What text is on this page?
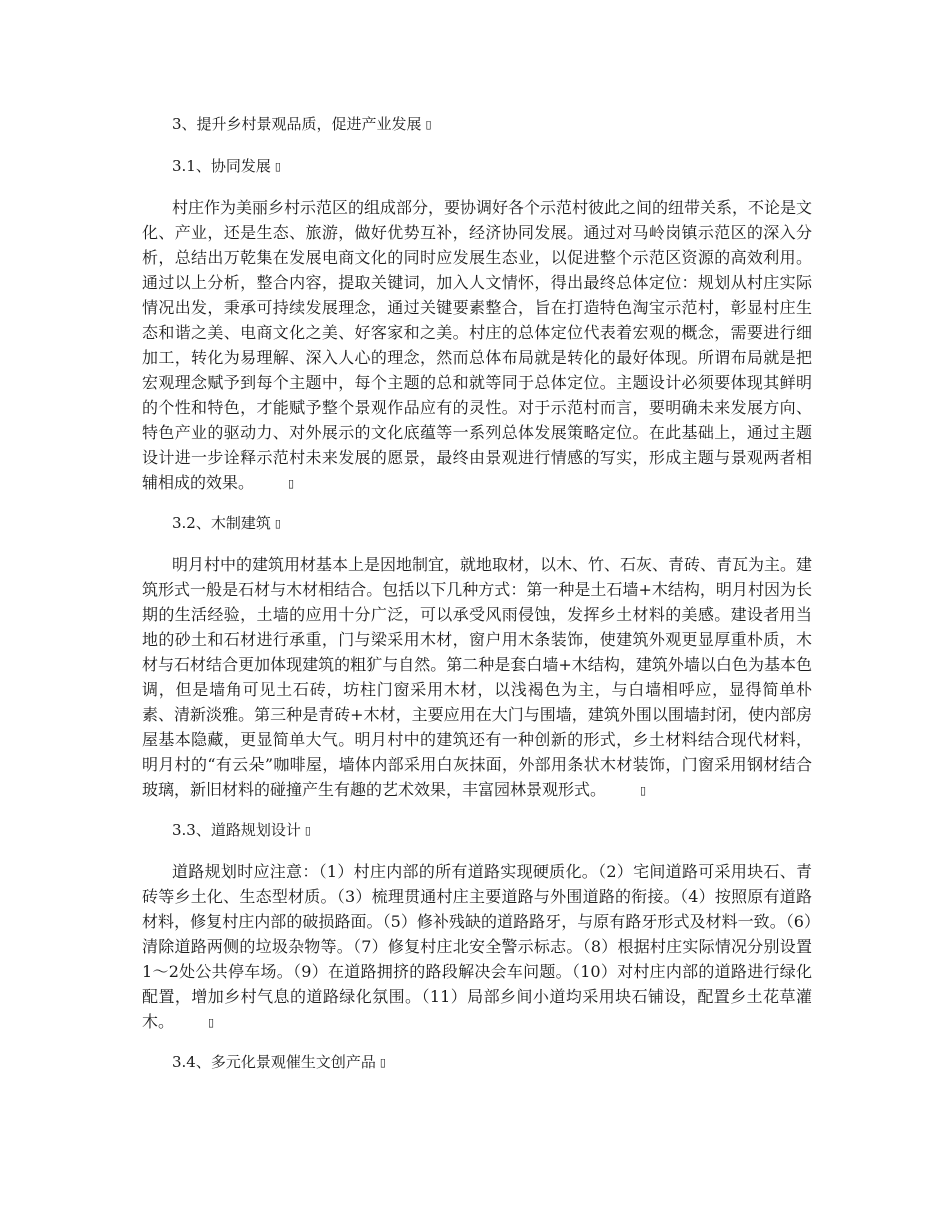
3、提升乡村景观品质，促进产业发展 ▯

3.1、协同发展 ▯

村庄作为美丽乡村示范区的组成部分，要协调好各个示范村彼此之间的纽带关系，不论是文化、产业，还是生态、旅游，做好优势互补，经济协同发展。通过对马岭岗镇示范区的深入分析，总结出万乾集在发展电商文化的同时应发展生态业，以促进整个示范区资源的高效利用。通过以上分析，整合内容，提取关键词，加入人文情怀，得出最终总体定位：规划从村庄实际情况出发，秉承可持续发展理念，通过关键要素整合，旨在打造特色淘宝示范村，彰显村庄生态和谐之美、电商文化之美、好客家和之美。村庄的总体定位代表着宏观的概念，需要进行细加工，转化为易理解、深入人心的理念，然而总体布局就是转化的最好体现。所谓布局就是把宏观理念赋予到每个主题中，每个主题的总和就等同于总体定位。主题设计必须要体现其鲜明的个性和特色，才能赋予整个景观作品应有的灵性。对于示范村而言，要明确未来发展方向、特色产业的驱动力、对外展示的文化底蕴等一系列总体发展策略定位。在此基础上，通过主题设计进一步诠释示范村未来发展的愿景，最终由景观进行情感的写实，形成主题与景观两者相辅相成的效果。	▯

3.2、木制建筑 ▯

明月村中的建筑用材基本上是因地制宜，就地取材，以木、竹、石灰、青砖、青瓦为主。建筑形式一般是石材与木材相结合。包括以下几种方式：第一种是土石墙+木结构，明月村因为长期的生活经验，土墙的应用十分广泛，可以承受风雨侵蚀，发挥乡土材料的美感。建设者用当地的砂土和石材进行承重，门与梁采用木材，窗户用木条装饰，使建筑外观更显厚重朴质，木材与石材结合更加体现建筑的粗犷与自然。第二种是套白墙+木结构，建筑外墙以白色为基本色调，但是墙角可见土石砖，坊柱门窗采用木材，以浅褐色为主，与白墙相呼应，显得简单朴素、清新淡雅。第三种是青砖+木材，主要应用在大门与围墙，建筑外围以围墙封闭，使内部房屋基本隐藏，更显简单大气。明月村中的建筑还有一种创新的形式，乡土材料结合现代材料，明月村的“有云朵”咖啡屋，墙体内部采用白灰抹面，外部用条状木材装饰，门窗采用钢材结合玻璃，新旧材料的碰撞产生有趣的艺术效果，丰富园林景观形式。	▯

3.3、道路规划设计 ▯

道路规划时应注意：（1）村庄内部的所有道路实现硬质化。（2）宅间道路可采用块石、青砖等乡土化、生态型材质。（3）梳理贯通村庄主要道路与外围道路的衔接。（4）按照原有道路材料，修复村庄内部的破损路面。（5）修补残缺的道路路牙，与原有路牙形式及材料一致。（6）清除道路两侧的垃圾杂物等。（7）修复村庄北安全警示标志。（8）根据村庄实际情况分别设置1～2处公共停车场。（9）在道路拥挤的路段解决会车问题。（10）对村庄内部的道路进行绿化配置，增加乡村气息的道路绿化氛围。（11）局部乡间小道均采用块石铺设，配置乡土花草灌木。	▯

3.4、多元化景观催生文创产品 ▯
